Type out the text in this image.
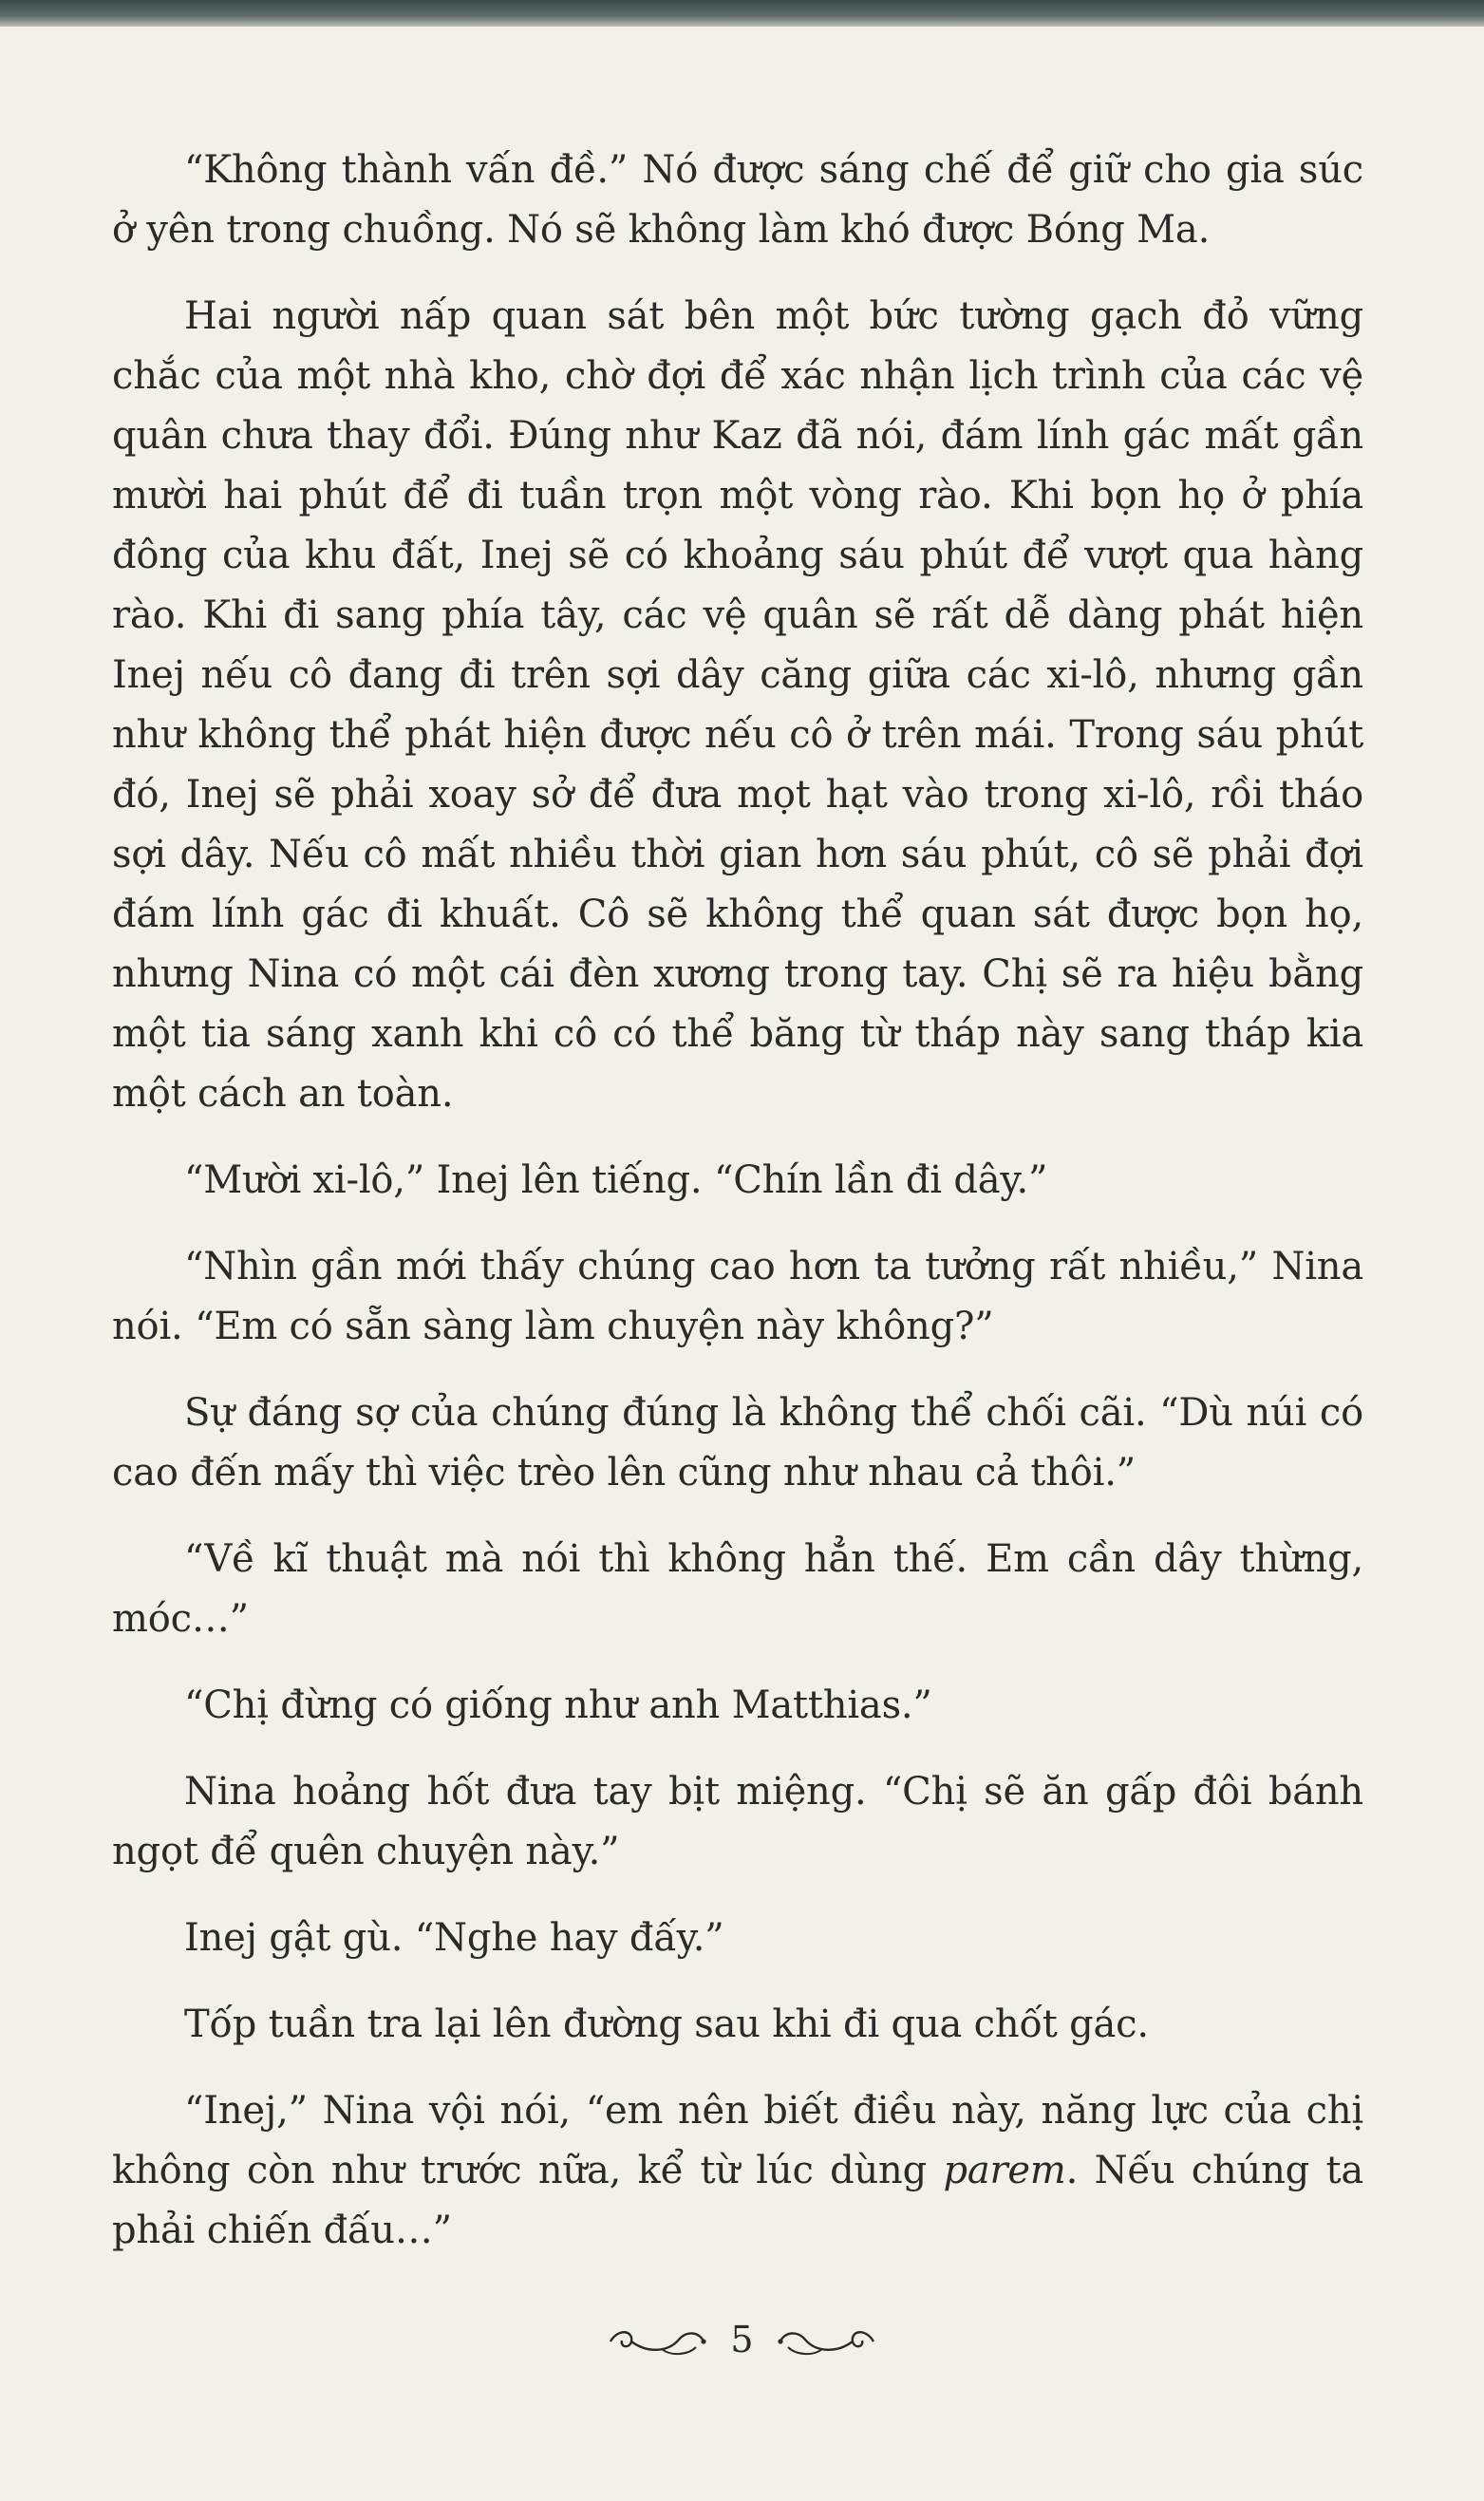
“Không thành vấn đề.” Nó được sáng chế để giữ cho gia súc ở yên trong chuồng. Nó sẽ không làm khó được Bóng Ma.

Hai người nấp quan sát bên một bức tường gạch đỏ vững chắc của một nhà kho, chờ đợi để xác nhận lịch trình của các vệ quân chưa thay đổi. Đúng như Kaz đã nói, đám lính gác mất gần mười hai phút để đi tuần trọn một vòng rào. Khi bọn họ ở phía đông của khu đất, Inej sẽ có khoảng sáu phút để vượt qua hàng rào. Khi đi sang phía tây, các vệ quân sẽ rất dễ dàng phát hiện Inej nếu cô đang đi trên sợi dây căng giữa các xi-lô, nhưng gần như không thể phát hiện được nếu cô ở trên mái. Trong sáu phút đó, Inej sẽ phải xoay sở để đưa mọt hạt vào trong xi-lô, rồi tháo sợi dây. Nếu cô mất nhiều thời gian hơn sáu phút, cô sẽ phải đợi đám lính gác đi khuất. Cô sẽ không thể quan sát được bọn họ, nhưng Nina có một cái đèn xương trong tay. Chị sẽ ra hiệu bằng một tia sáng xanh khi cô có thể băng từ tháp này sang tháp kia một cách an toàn.

“Mười xi-lô,” Inej lên tiếng. “Chín lần đi dây.”

“Nhìn gần mới thấy chúng cao hơn ta tưởng rất nhiều,” Nina nói. “Em có sẵn sàng làm chuyện này không?”

Sự đáng sợ của chúng đúng là không thể chối cãi. “Dù núi có cao đến mấy thì việc trèo lên cũng như nhau cả thôi.”

“Về kĩ thuật mà nói thì không hẳn thế. Em cần dây thừng, móc…”

“Chị đừng có giống như anh Matthias.”

Nina hoảng hốt đưa tay bịt miệng. “Chị sẽ ăn gấp đôi bánh ngọt để quên chuyện này.”

Inej gật gù. “Nghe hay đấy.”

Tốp tuần tra lại lên đường sau khi đi qua chốt gác.

“Inej,” Nina vội nói, “em nên biết điều này, năng lực của chị không còn như trước nữa, kể từ lúc dùng parem. Nếu chúng ta phải chiến đấu…”

5
